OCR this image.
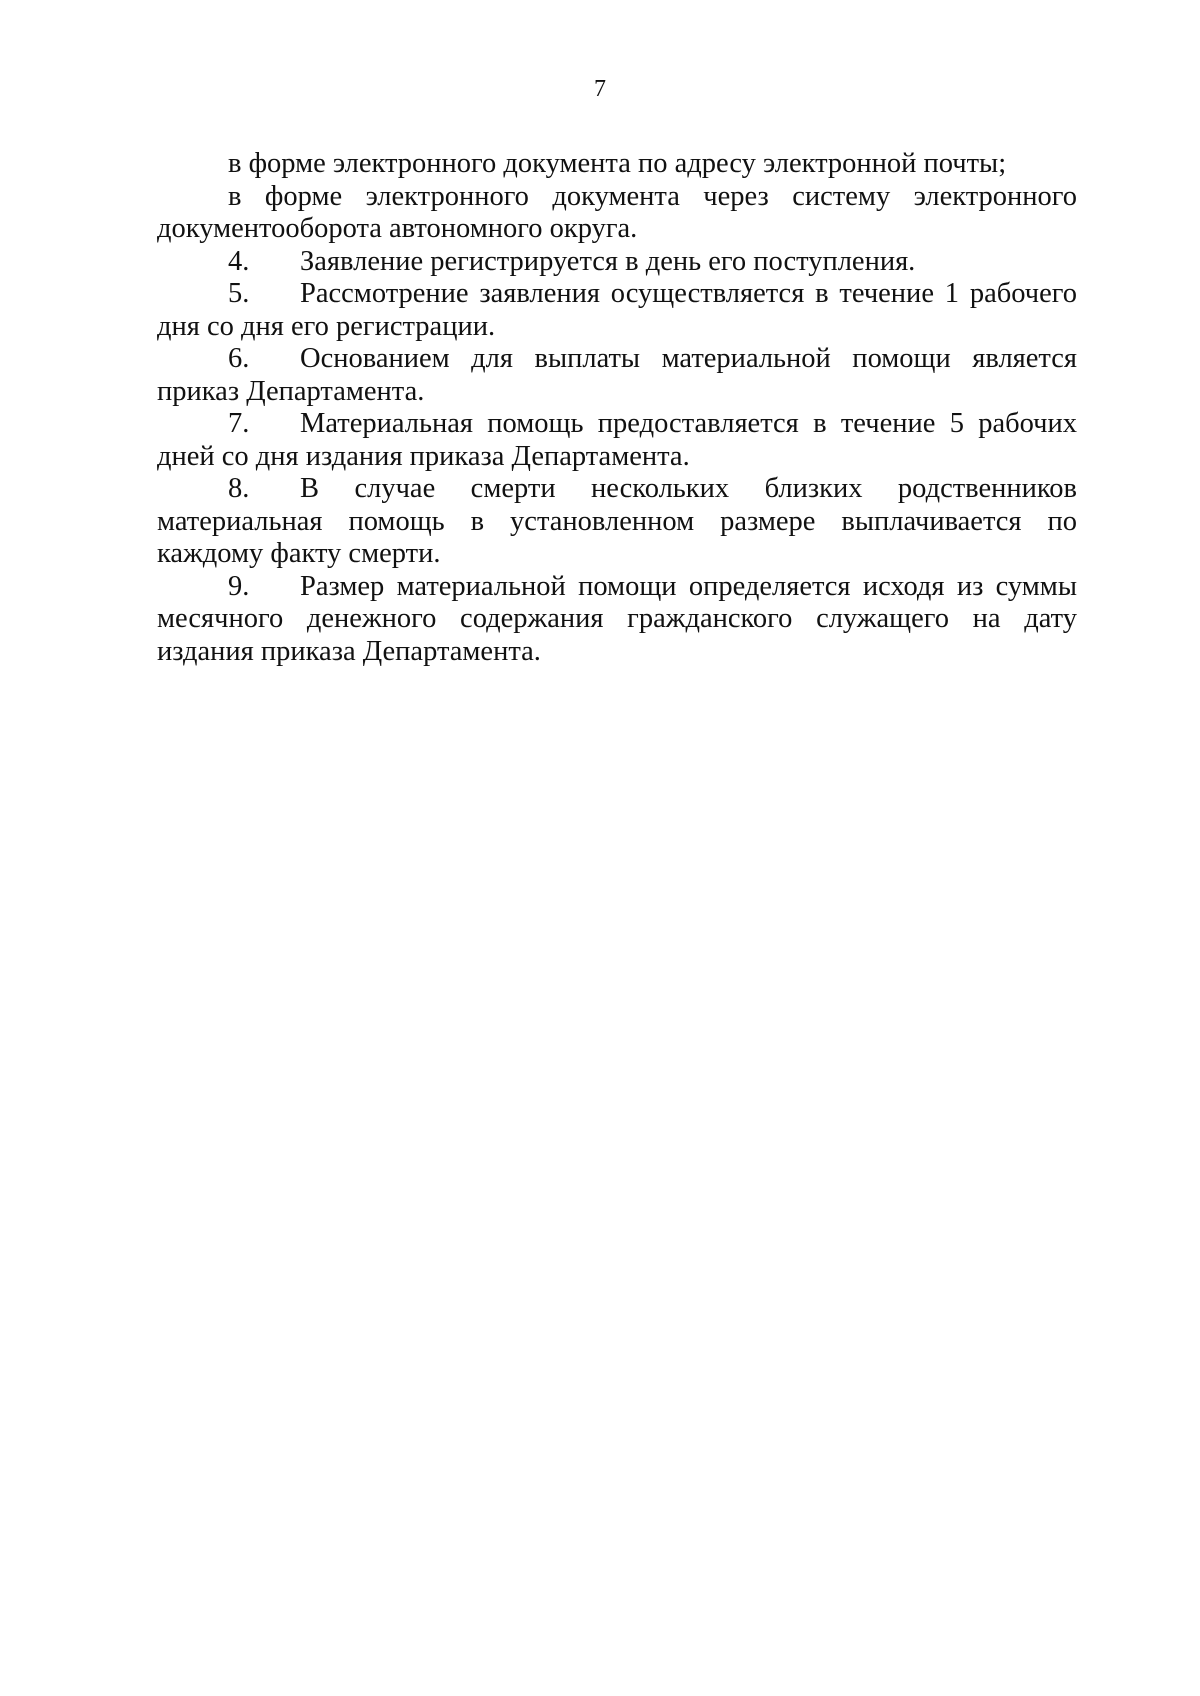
7

в форме электронного документа по адресу электронной почты;

в форме электронного документа через систему электронного документооборота автономного округа.

4. Заявление регистрируется в день его поступления.

5. Рассмотрение заявления осуществляется в течение 1 рабочего дня со дня его регистрации.

6. Основанием для выплаты материальной помощи является приказ Департамента.

7. Материальная помощь предоставляется в течение 5 рабочих дней со дня издания приказа Департамента.

8. В случае смерти нескольких близких родственников материальная помощь в установленном размере выплачивается по каждому факту смерти.

9. Размер материальной помощи определяется исходя из суммы месячного денежного содержания гражданского служащего на дату издания приказа Департамента.
